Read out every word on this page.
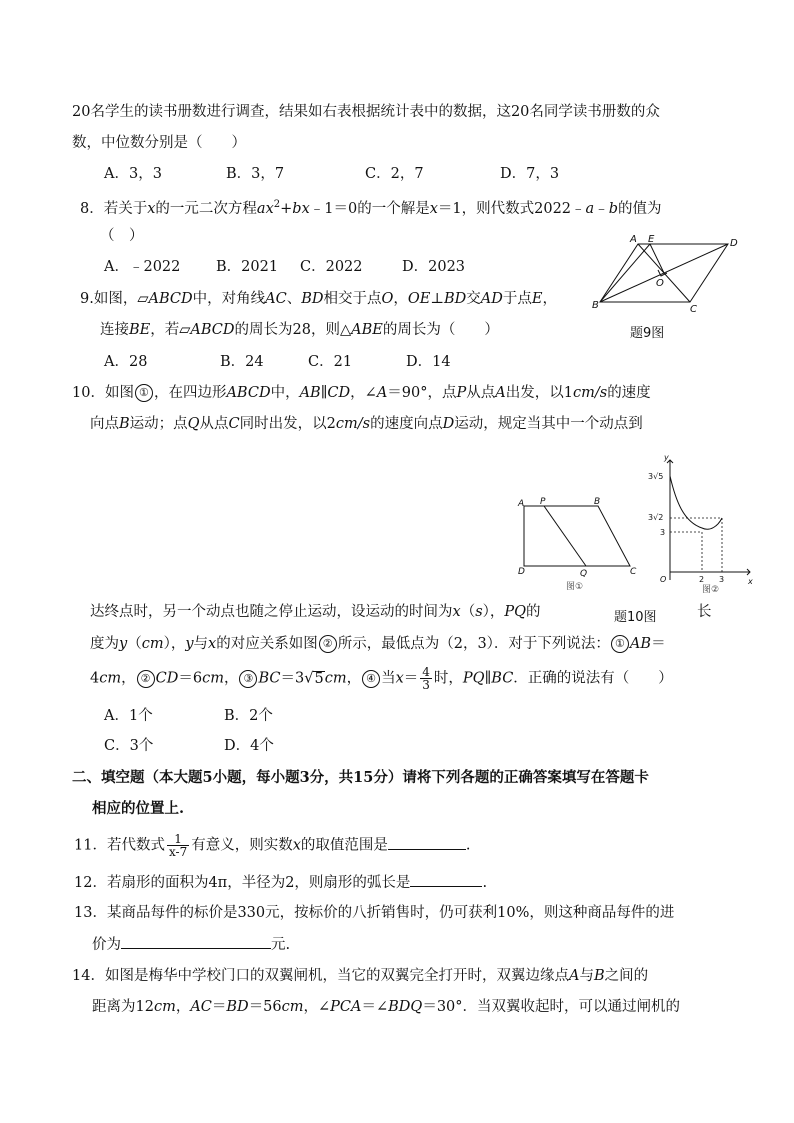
20名学生的读书册数进行调查，结果如右表根据统计表中的数据，这20名同学读书册数的众
数，中位数分别是（　　）
A．3，3	B．3，7	C．2，7	D．7，3
8．若关于x的一元二次方程$ax^2+bx﹣1=0$的一个解是x＝1，则代数式2022﹣a﹣b的值为
（　）
A．﹣2022 B．2021 C．2022	D．2023
A E	D
O
B	C
9.如图，▱ABCD中，对角线AC、BD相交于点O，OE⊥BD交AD于点E，
连接BE，若▱ABCD的周长为28，则△ABE的周长为（　　）	题9图
A．28	B．24	C．21	D．14
10．如图 ① ，在四边形ABCD中，AB∥CD，∠A＝90°，点P从点A出发，以1cm/s的速度
向点B运动；点Q从点C同时出发，以2cm/s的速度向点D运动，规定当其中一个动点到
A P	B
D	Q	C
图①
y
x
O	2 3
3
3√2
3√5
图②
达终点时，另一个动点也随之停止运动，设运动的时间为x（s），PQ的	题10图	长
度为y（cm），y与x的对应关系如图 ② 所示，最低点为（2，3）．对于下列说法： ① AB＝
4cm， ② CD＝6cm， ③ BC＝3√5cm， ④ 当$x= \frac{4}{3}$ 时，PQ∥BC．正确的说法有（　　）
A．1个	B．2个
C．3个	D．4个
二、填空题（本大题5小题，每小题3分，共15分）请将下列各题的正确答案填写在答题卡
相应的位置上.
11．若代数式 $\frac{1}{x-7}$ 有意义，则实数x的取值范围是	.
12．若扇形的面积为4π，半径为2，则扇形的弧长是	.
13．某商品每件的标价是330元，按标价的八折销售时，仍可获利10%，则这种商品每件的进
价为	元.
14．如图是梅华中学校门口的双翼闸机，当它的双翼完全打开时，双翼边缘点A与B之间的
距离为12cm，AC＝BD＝56cm，∠PCA＝∠BDQ＝30°．当双翼收起时，可以通过闸机的
